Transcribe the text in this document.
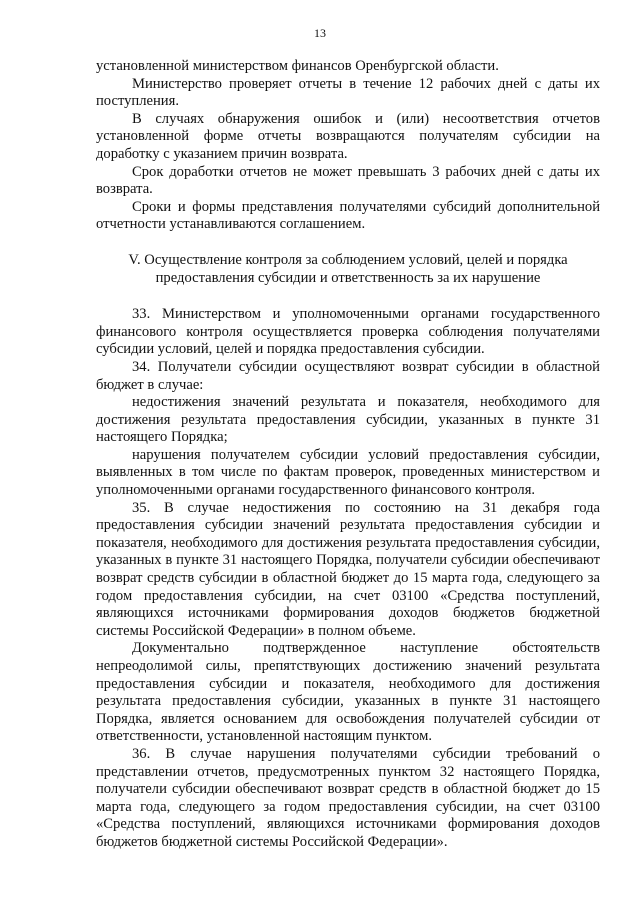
13

установленной министерством финансов Оренбургской области.

Министерство проверяет отчеты в течение 12 рабочих дней с даты их поступления.

В случаях обнаружения ошибок и (или) несоответствия отчетов установленной форме отчеты возвращаются получателям субсидии на доработку с указанием причин возврата.

Срок доработки отчетов не может превышать 3 рабочих дней с даты их возврата.

Сроки и формы представления получателями субсидий дополнительной отчетности устанавливаются соглашением.

V. Осуществление контроля за соблюдением условий, целей и порядка предоставления субсидии и ответственность за их нарушение

33. Министерством и уполномоченными органами государственного финансового контроля осуществляется проверка соблюдения получателями субсидии условий, целей и порядка предоставления субсидии.

34. Получатели субсидии осуществляют возврат субсидии в областной бюджет в случае:

недостижения значений результата и показателя, необходимого для достижения результата предоставления субсидии, указанных в пункте 31 настоящего Порядка;

нарушения получателем субсидии условий предоставления субсидии, выявленных в том числе по фактам проверок, проведенных министерством и уполномоченными органами государственного финансового контроля.

35. В случае недостижения по состоянию на 31 декабря года предоставления субсидии значений результата предоставления субсидии и показателя, необходимого для достижения результата предоставления субсидии, указанных в пункте 31 настоящего Порядка, получатели субсидии обеспечивают возврат средств субсидии в областной бюджет до 15 марта года, следующего за годом предоставления субсидии, на счет 03100 «Средства поступлений, являющихся источниками формирования доходов бюджетов бюджетной системы Российской Федерации» в полном объеме.

Документально подтвержденное наступление обстоятельств непреодолимой силы, препятствующих достижению значений результата предоставления субсидии и показателя, необходимого для достижения результата предоставления субсидии, указанных в пункте 31 настоящего Порядка, является основанием для освобождения получателей субсидии от ответственности, установленной настоящим пунктом.

36. В случае нарушения получателями субсидии требований о представлении отчетов, предусмотренных пунктом 32 настоящего Порядка, получатели субсидии обеспечивают возврат средств в областной бюджет до 15 марта года, следующего за годом предоставления субсидии, на счет 03100 «Средства поступлений, являющихся источниками формирования доходов бюджетов бюджетной системы Российской Федерации».
